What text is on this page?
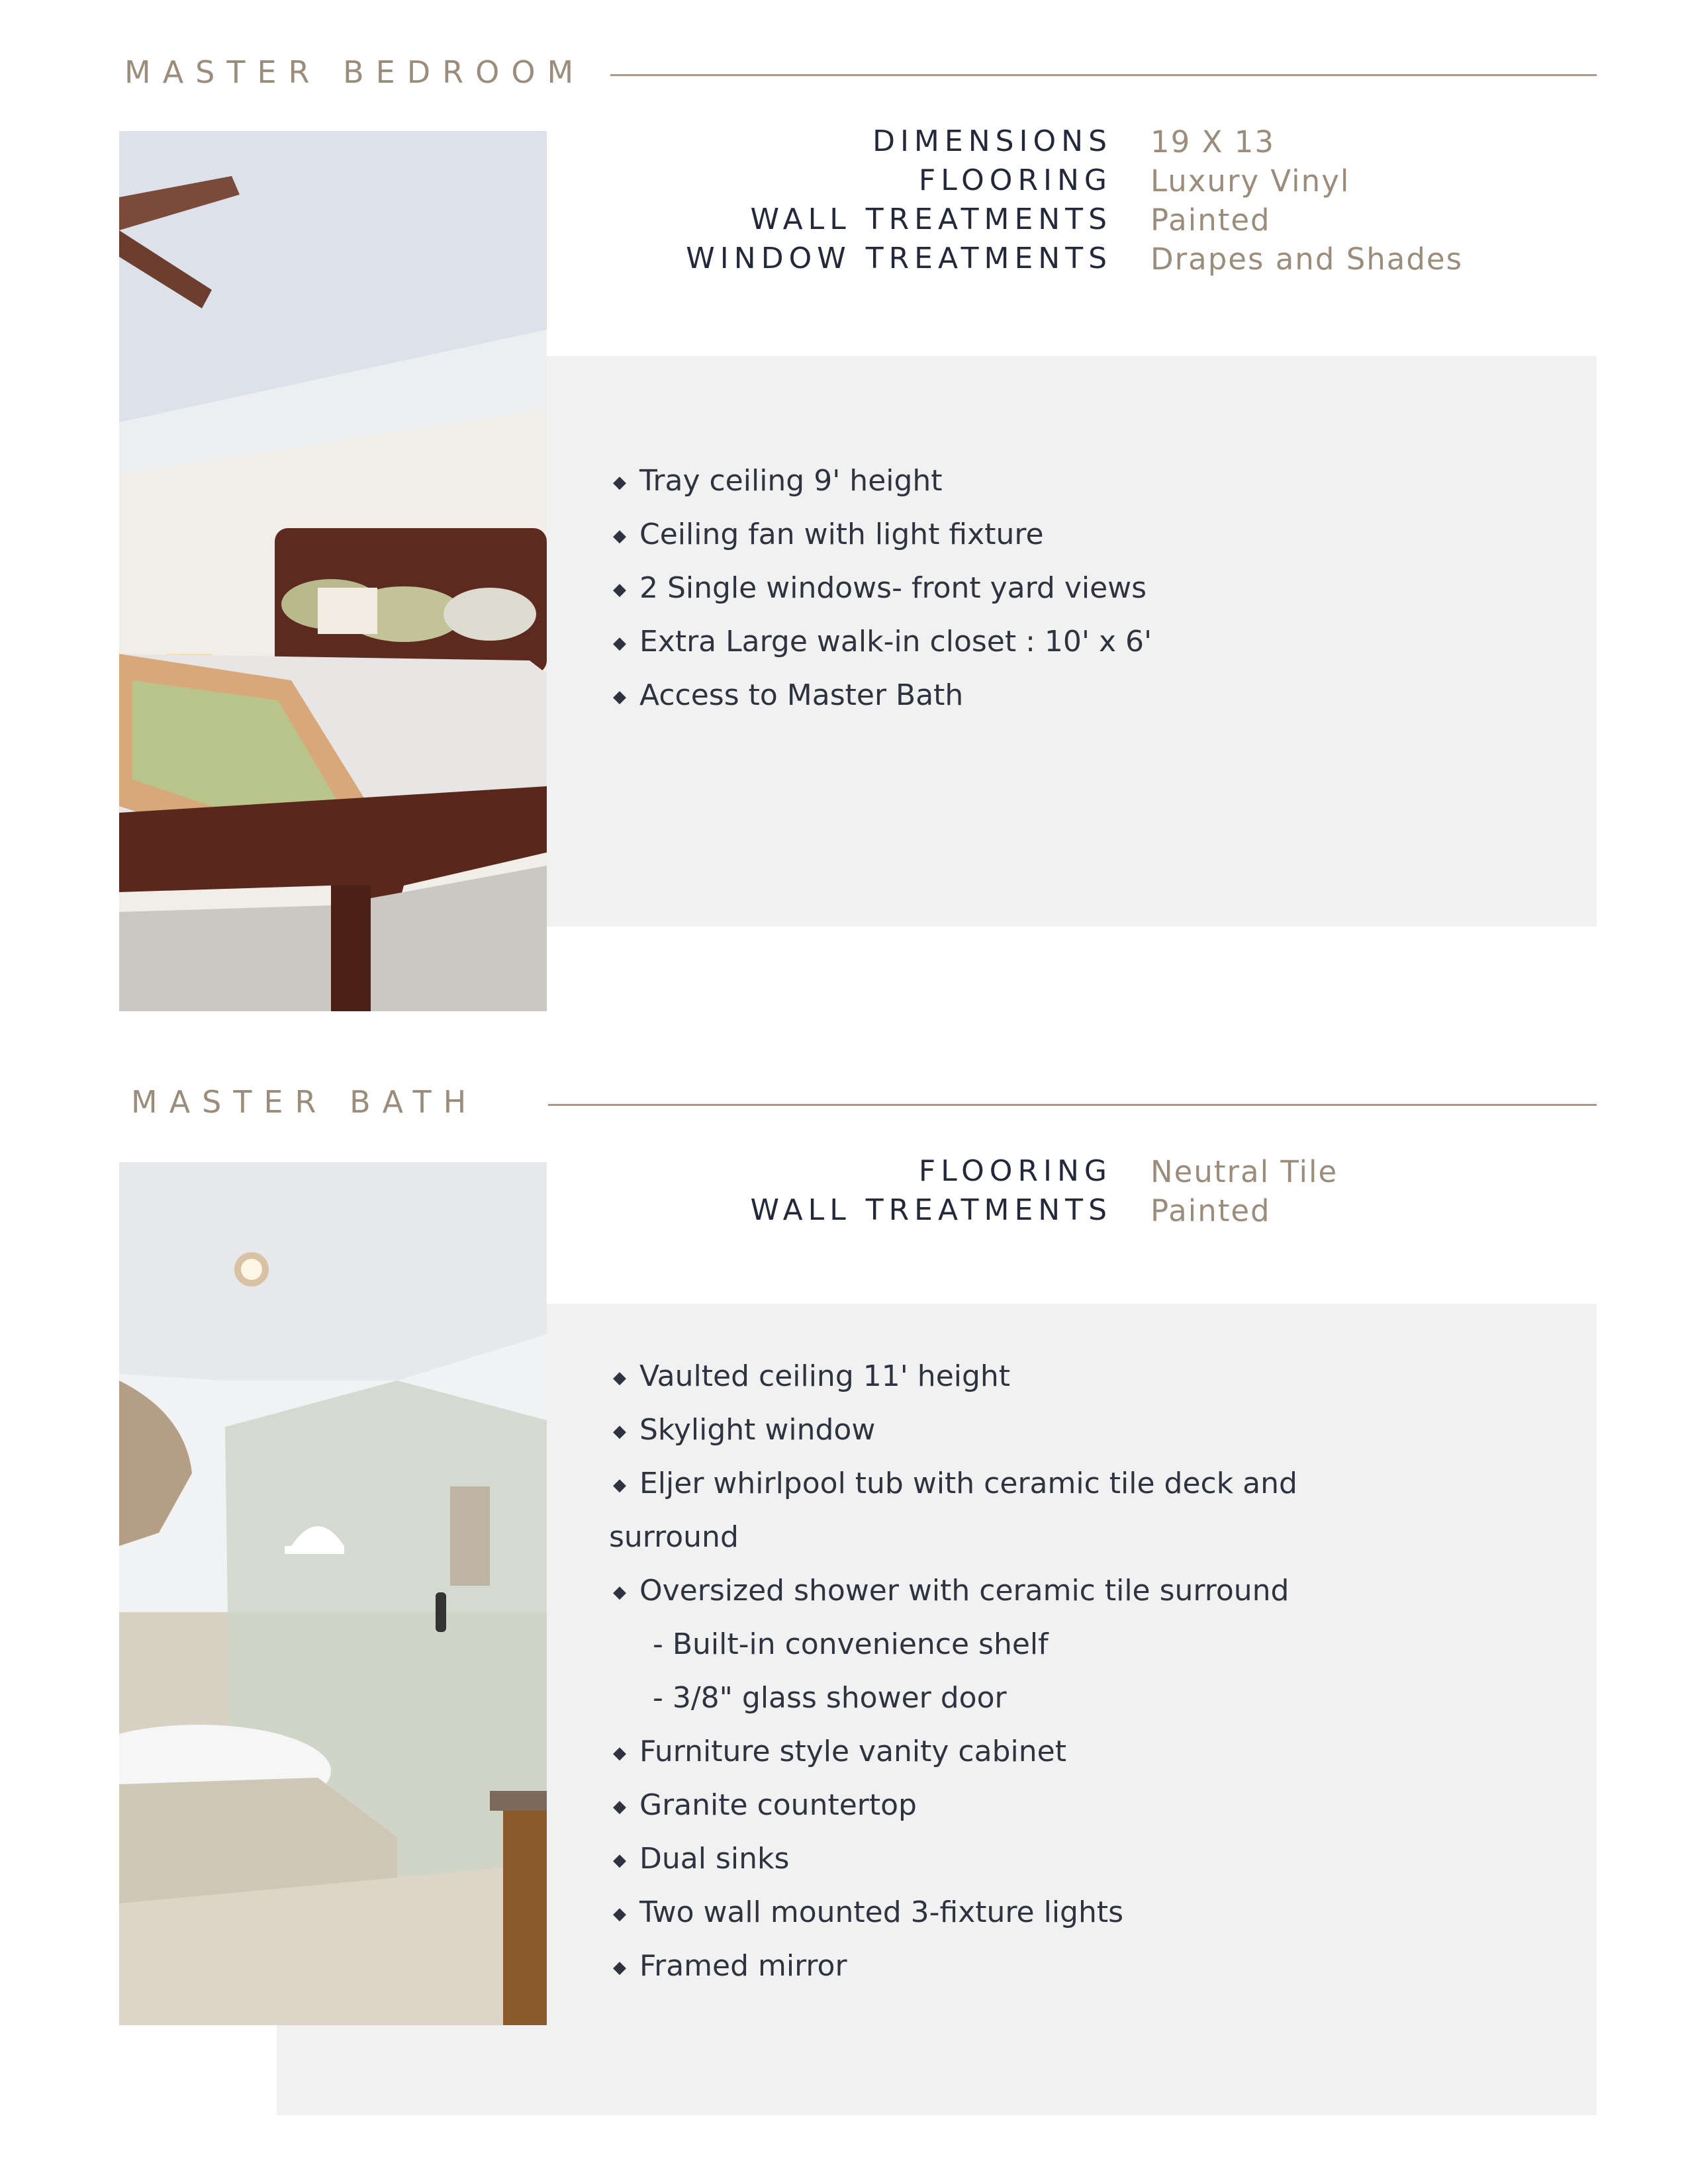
MASTER BEDROOM
DIMENSIONS 19 X 13
FLOORING Luxury Vinyl
WALL TREATMENTS Painted
WINDOW TREATMENTS Drapes and Shades
◆ Tray ceiling 9' height
◆ Ceiling fan with light fixture
◆ 2 Single windows- front yard views
◆ Extra Large walk-in closet : 10' x 6'
◆ Access to Master Bath
MASTER BATH
FLOORING Neutral Tile
WALL TREATMENTS Painted
◆ Vaulted ceiling 11' height
◆ Skylight window
◆ Eljer whirlpool tub with ceramic tile deck and
surround
◆ Oversized shower with ceramic tile surround
- Built-in convenience shelf
- 3/8" glass shower door
◆ Furniture style vanity cabinet
◆ Granite countertop
◆ Dual sinks
◆ Two wall mounted 3-fixture lights
◆ Framed mirror
